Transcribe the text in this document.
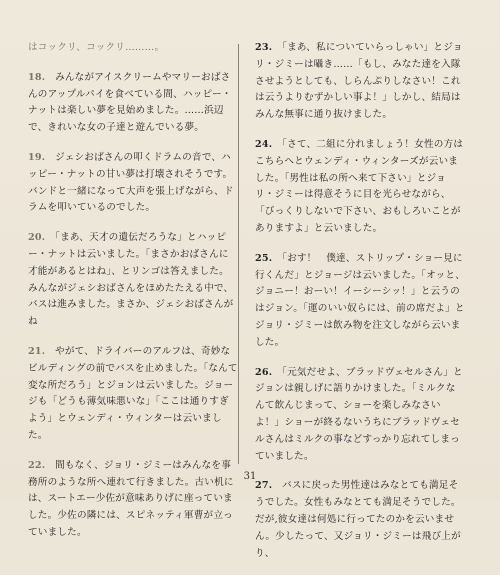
はコックリ、コックリ………。

18.　 みんながアイスクリームやマリーおばさんのアップルパイを食べている間、ハッピー・ナットは楽しい夢を見始めました。……浜辺で、きれいな女の子達と遊んでいる夢。

19.　 ジェシおばさんの叩くドラムの音で、ハッピー・ナットの甘い夢は打壊されそうです。バンドと一緒になって大声を張上げながら、ドラムを叩いているのでした。

20.　 「まあ、天才の遺伝だろうな」とハッピー・ナットは云いました。「まさかおばさんに才能があるとはね」、とリンゴは答えました。みんながジェシおばさんをほめたたえる中で、バスは進みました。まさか、ジェシおばさんがね

21.　 やがて、ドライバーのアルフは、奇妙なビルディングの前でバスを止めました。「なんて変な所だろう」とジョンは云いました。ジョージも「どうも薄気味悪いな」「ここは通りすぎよう」とウェンディ・ウィンターは云いました。

22.　 間もなく、ジョリ・ジミーはみんなを事務所のような所へ連れて行きました。古い机には、スートエー少佐が意味ありげに座っていました。少佐の隣には、スピネッティ軍曹が立っていました。

23.　 「まあ、私についていらっしゃい」とジョリ・ジミーは囁き……「もし、みなた達を入隊させようとしても、しらんぷりしなさい！これは云うよりむずかしい事よ！」しかし、結局はみんな無事に通り抜けました。

24.　 「さて、二組に分れましょう！女性の方はこちらへとウェンディ・ウィンターズが云いました。「男性は私の所へ来て下さい」とジョリ・ジミーは得意そうに目を光らせながら、「びっくりしないで下さい、おもしろいことがありますよ」と云いました。

25.　 「おす！　僕達、ストリップ・ショー見に行くんだ」とジョージは云いました。「オッと、ジョニー！おーい！イーシーシッ！」と云うのはジョン。「運のいい奴らには、前の席だよ」とジョリ・ジミーは飲み物を注文しながら云いました。

26.　 「元気だせよ、ブラッドヴェセルさん」とジョンは親しげに語りかけました。「ミルクなんて飲んじまって、ショーを楽しみなさいよ！」ショーが終るないうちにブラッドヴェセルさんはミルクの事などすっかり忘れてしまっていました。

27.　 バスに戻った男性達はみなとても満足そうでした。女性もみなとても満足そうでした。だが,彼女達は何処に行ってたのかを云いません。少したって、又ジョリ・ジミーは飛び上がり、

31
